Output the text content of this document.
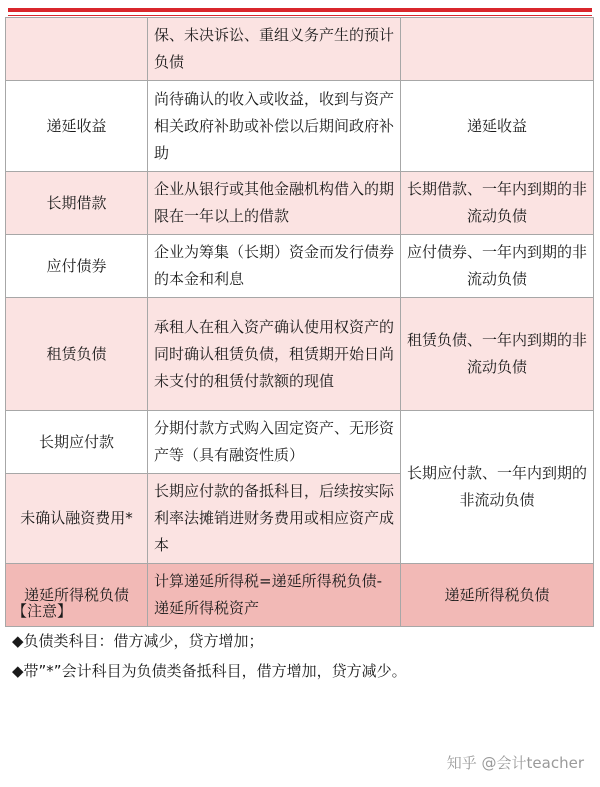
	保、未决诉讼、重组义务产生的预计负债	
递延收益	尚待确认的收入或收益，收到与资产相关政府补助或补偿以后期间政府补助	递延收益
长期借款	企业从银行或其他金融机构借入的期限在一年以上的借款	长期借款、一年内到期的非流动负债
应付债券	企业为筹集（长期）资金而发行债券的本金和利息	应付债券、一年内到期的非流动负债
租赁负债	承租人在租入资产确认使用权资产的同时确认租赁负债，租赁期开始日尚未支付的租赁付款额的现值	租赁负债、一年内到期的非流动负债
长期应付款	分期付款方式购入固定资产、无形资产等（具有融资性质）	长期应付款、一年内到期的非流动负债
未确认融资费用*	长期应付款的备抵科目，后续按实际利率法摊销进财务费用或相应资产成本	
递延所得税负债	计算递延所得税=递延所得税负债-递延所得税资产	递延所得税负债
【注意】
◆负债类科目：借方减少，贷方增加；
◆带”*”会计科目为负债类备抵科目，借方增加，贷方减少。
知乎 @会计teacher
